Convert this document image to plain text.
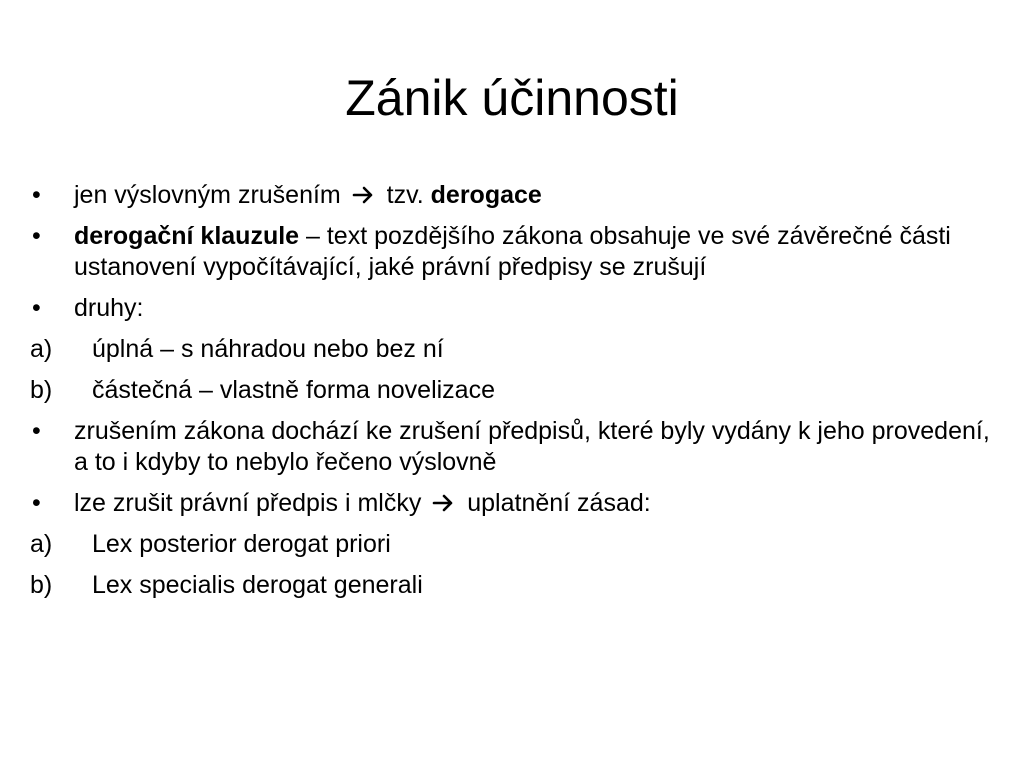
Zánik účinnosti
•	jen výslovným zrušením tzv. derogace
•	derogační klauzule – text pozdějšího zákona obsahuje ve své závěrečné části ustanovení vypočítávající, jaké právní předpisy se zrušují
•	druhy:
a)	úplná – s náhradou nebo bez ní
b)	částečná – vlastně forma novelizace
•	zrušením zákona dochází ke zrušení předpisů, které byly vydány k jeho provedení, a to i kdyby to nebylo řečeno výslovně
•	lze zrušit právní předpis i mlčky uplatnění zásad:
a)	Lex posterior derogat priori
b)	Lex specialis derogat generali
